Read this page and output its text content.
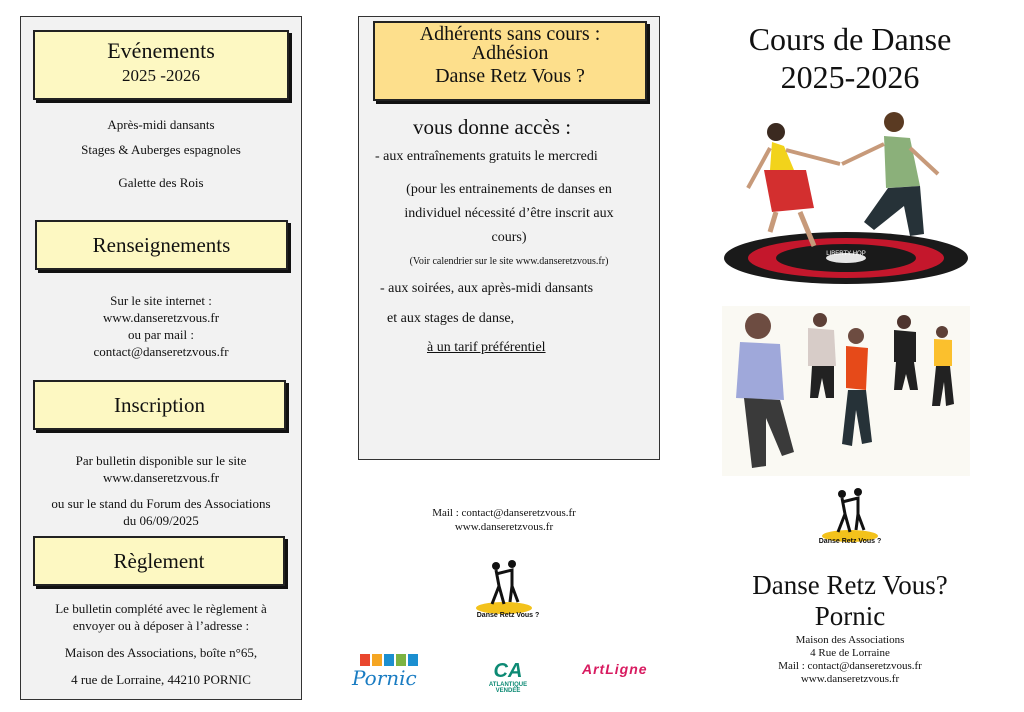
Evénements
2025 -2026
Après-midi dansants
Stages & Auberges espagnoles
Galette des Rois
Renseignements
Sur le site internet :
www.danseretzvous.fr
ou par mail :
contact@danseretzvous.fr
Inscription
Par bulletin disponible sur le site
www.danseretzvous.fr
ou sur le stand du Forum des Associations
du 06/09/2025
Règlement
Le bulletin complété avec le règlement à
envoyer ou à déposer à l’adresse :
Maison des Associations, boîte n°65,
4 rue de Lorraine, 44210 PORNIC
Adhérents sans cours :
Adhésion
Danse Retz Vous ?
vous donne accès :
- aux entraînements gratuits le mercredi
(pour les entrainements de danses en
individuel nécessité d’être inscrit aux
cours)
(Voir calendrier sur le site www.danseretzvous.fr)
- aux soirées, aux après-midi dansants
et aux stages de danse,
à un tarif préférentiel
Mail : contact@danseretzvous.fr
www.danseretzvous.fr
Danse Retz Vous ?
Pornic	CA
ATLANTIQUE
VENDÉE
ArtLigne
Cours de Danse
2025-2026
LIBERTY HOP
Danse Retz Vous ?
Danse Retz Vous?
Pornic
Maison des Associations
4 Rue de Lorraine
Mail : contact@danseretzvous.fr
www.danseretzvous.fr
